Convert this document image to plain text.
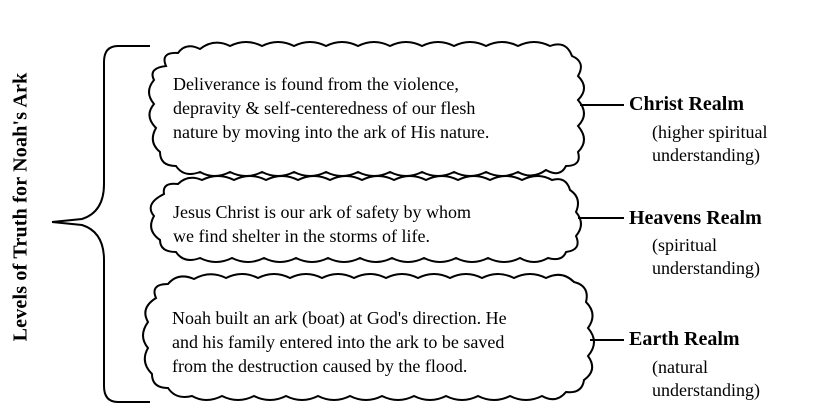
Levels of Truth for Noah's Ark	Deliverance is found from the violence,
depravity & self-centeredness of our flesh
nature by moving into the ark of His nature.
Christ Realm
(higher spiritual
understanding)
Jesus Christ is our ark of safety by whom
we find shelter in the storms of life.
Heavens Realm
(spiritual
understanding)
Noah built an ark (boat) at God's direction. He
and his family entered into the ark to be saved
from the destruction caused by the flood.
Earth Realm
(natural
understanding)
